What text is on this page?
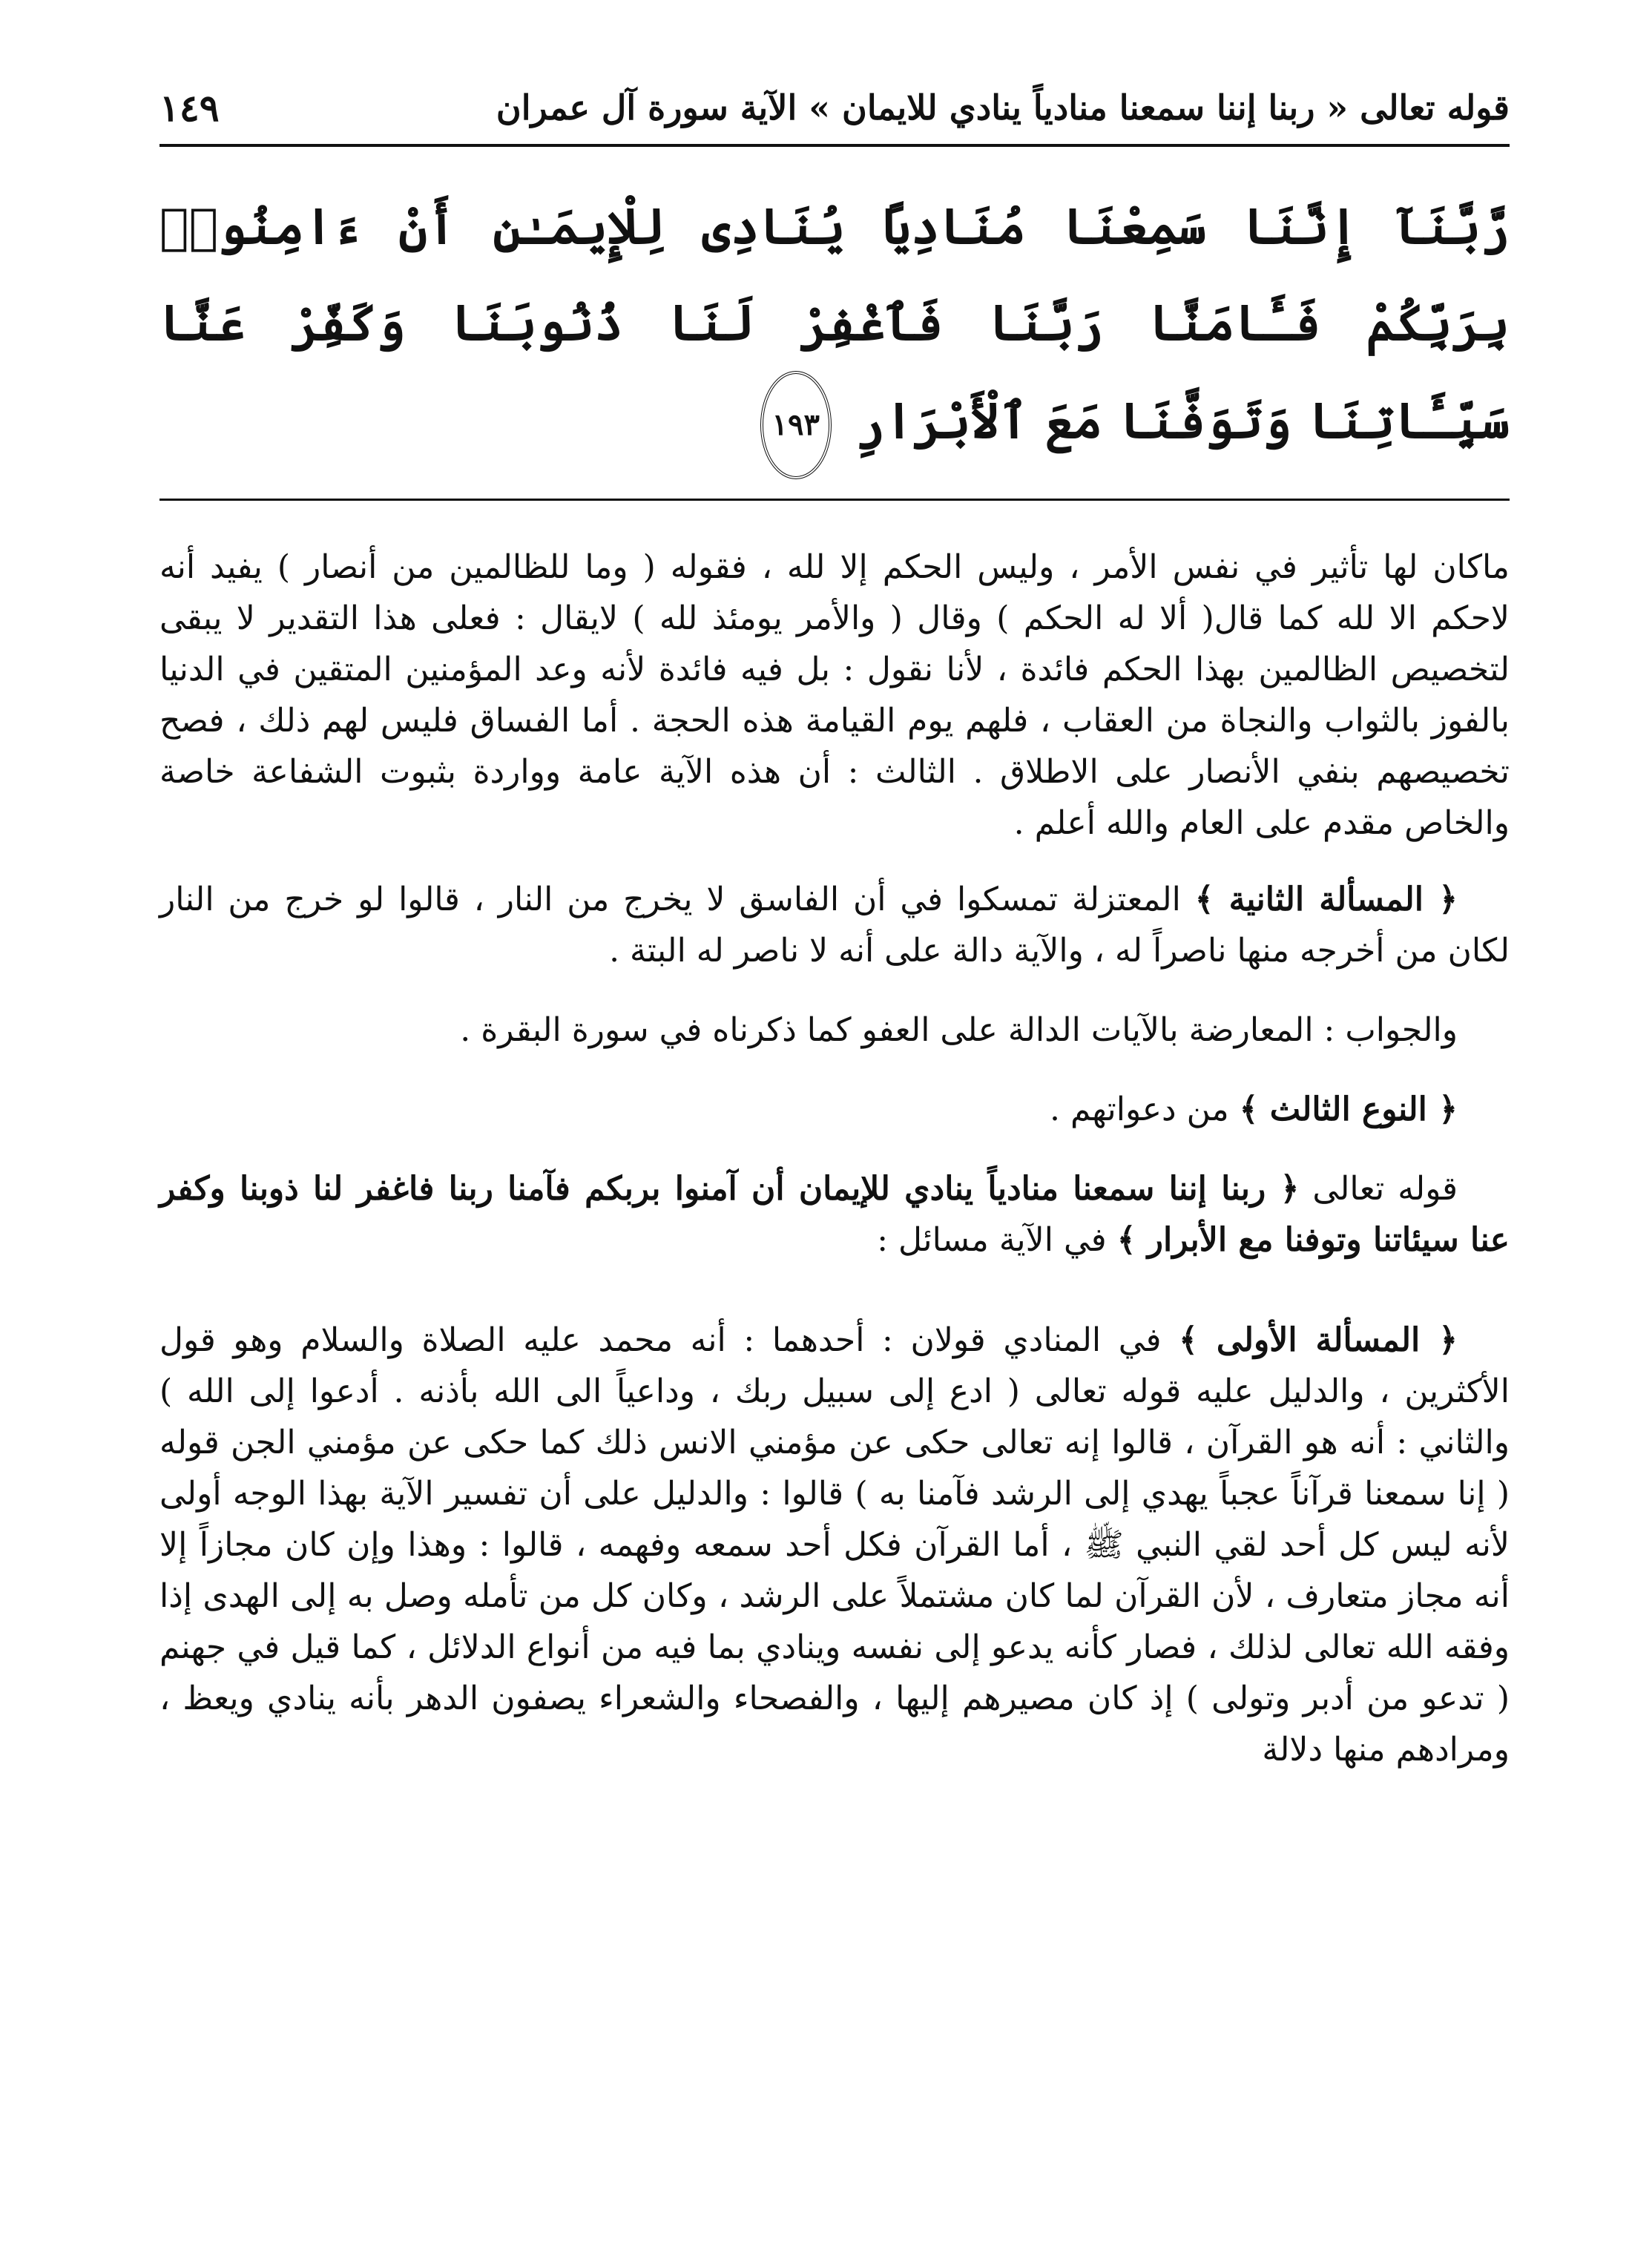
قوله تعالى « ربنا إننا سمعنا منادياً ينادي للايمان » الآية سورة آل عمران
١٤٩
رَّبَّنَآ إِنَّنَا سَمِعْنَا مُنَادِيًا يُنَادِى لِلْإِيمَـٰنِ أَنْ ءَامِنُوا۟ بِرَبِّكُمْ فَـَٔامَنَّا رَبَّنَا فَٱغْفِرْ لَنَا ذُنُوبَنَا وَكَفِّرْ عَنَّا سَيِّـَٔاتِنَا وَتَوَفَّنَا مَعَ ٱلْأَبْرَارِ ١٩٣

ماكان لها تأثير في نفس الأمر ، وليس الحكم إلا لله ، فقوله ( وما للظالمين من أنصار ) يفيد أنه لاحكم الا لله كما قال( ألا له الحكم ) وقال ( والأمر يومئذ لله ) لايقال : فعلى هذا التقدير لا يبقى لتخصيص الظالمين بهذا الحكم فائدة ، لأنا نقول : بل فيه فائدة لأنه وعد المؤمنين المتقين في الدنيا بالفوز بالثواب والنجاة من العقاب ، فلهم يوم القيامة هذه الحجة . أما الفساق فليس لهم ذلك ، فصح تخصيصهم بنفي الأنصار على الاطلاق . الثالث : أن هذه الآية عامة وواردة بثبوت الشفاعة خاصة والخاص مقدم على العام والله أعلم .

﴿ المسألة الثانية ﴾ المعتزلة تمسكوا في أن الفاسق لا يخرج من النار ، قالوا لو خرج من النار لكان من أخرجه منها ناصراً له ، والآية دالة على أنه لا ناصر له البتة .

والجواب : المعارضة بالآيات الدالة على العفو كما ذكرناه في سورة البقرة .

﴿ النوع الثالث ﴾ من دعواتهم .

قوله تعالى ﴿ ربنا إننا سمعنا منادياً ينادي للإيمان أن آمنوا بربكم فآمنا ربنا فاغفر لنا ذوبنا وكفر عنا سيئاتنا وتوفنا مع الأبرار ﴾ في الآية مسائل :

﴿ المسألة الأولى ﴾ في المنادي قولان : أحدهما : أنه محمد عليه الصلاة والسلام وهو قول الأكثرين ، والدليل عليه قوله تعالى ( ادع إلى سبيل ربك ، وداعياً الى الله بأذنه . أدعوا إلى الله ) والثاني : أنه هو القرآن ، قالوا إنه تعالى حكى عن مؤمني الانس ذلك كما حكى عن مؤمني الجن قوله ( إنا سمعنا قرآناً عجباً يهدي إلى الرشد فآمنا به ) قالوا : والدليل على أن تفسير الآية بهذا الوجه أولى لأنه ليس كل أحد لقي النبي ﷺ ، أما القرآن فكل أحد سمعه وفهمه ، قالوا : وهذا وإن كان مجازاً إلا أنه مجاز متعارف ، لأن القرآن لما كان مشتملاً على الرشد ، وكان كل من تأمله وصل به إلى الهدى إذا وفقه الله تعالى لذلك ، فصار كأنه يدعو إلى نفسه وينادي بما فيه من أنواع الدلائل ، كما قيل في جهنم ( تدعو من أدبر وتولى ) إذ كان مصيرهم إليها ، والفصحاء والشعراء يصفون الدهر بأنه ينادي ويعظ ، ومرادهم منها دلالة
